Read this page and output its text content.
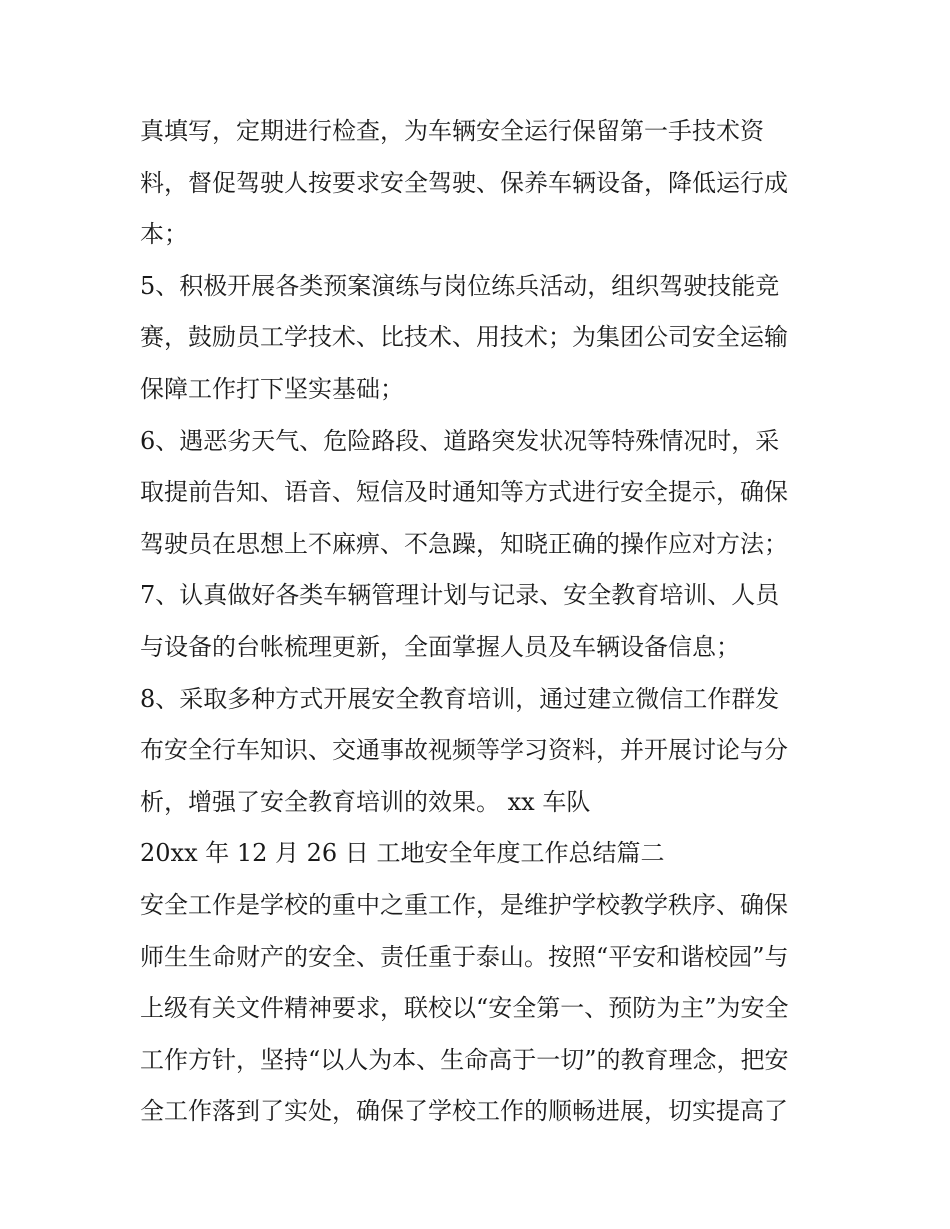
真填写，定期进行检查，为车辆安全运行保留第一手技术资
料，督促驾驶人按要求安全驾驶、保养车辆设备，降低运行成
本；
5、积极开展各类预案演练与岗位练兵活动，组织驾驶技能竞
赛，鼓励员工学技术、比技术、用技术；为集团公司安全运输
保障工作打下坚实基础；
6、遇恶劣天气、危险路段、道路突发状况等特殊情况时，采
取提前告知、语音、短信及时通知等方式进行安全提示，确保
驾驶员在思想上不麻痹、不急躁，知晓正确的操作应对方法；
7、认真做好各类车辆管理计划与记录、安全教育培训、人员
与设备的台帐梳理更新，全面掌握人员及车辆设备信息；
8、采取多种方式开展安全教育培训，通过建立微信工作群发
布安全行车知识、交通事故视频等学习资料，并开展讨论与分
析，增强了安全教育培训的效果。 xx 车队
20xx 年 12 月 26 日 工地安全年度工作总结篇二
安全工作是学校的重中之重工作，是维护学校教学秩序、确保
师生生命财产的安全、责任重于泰山。按照“平安和谐校园”与
上级有关文件精神要求，联校以“安全第一、预防为主”为安全
工作方针，坚持“以人为本、生命高于一切”的教育理念，把安
全工作落到了实处，确保了学校工作的顺畅进展，切实提高了
